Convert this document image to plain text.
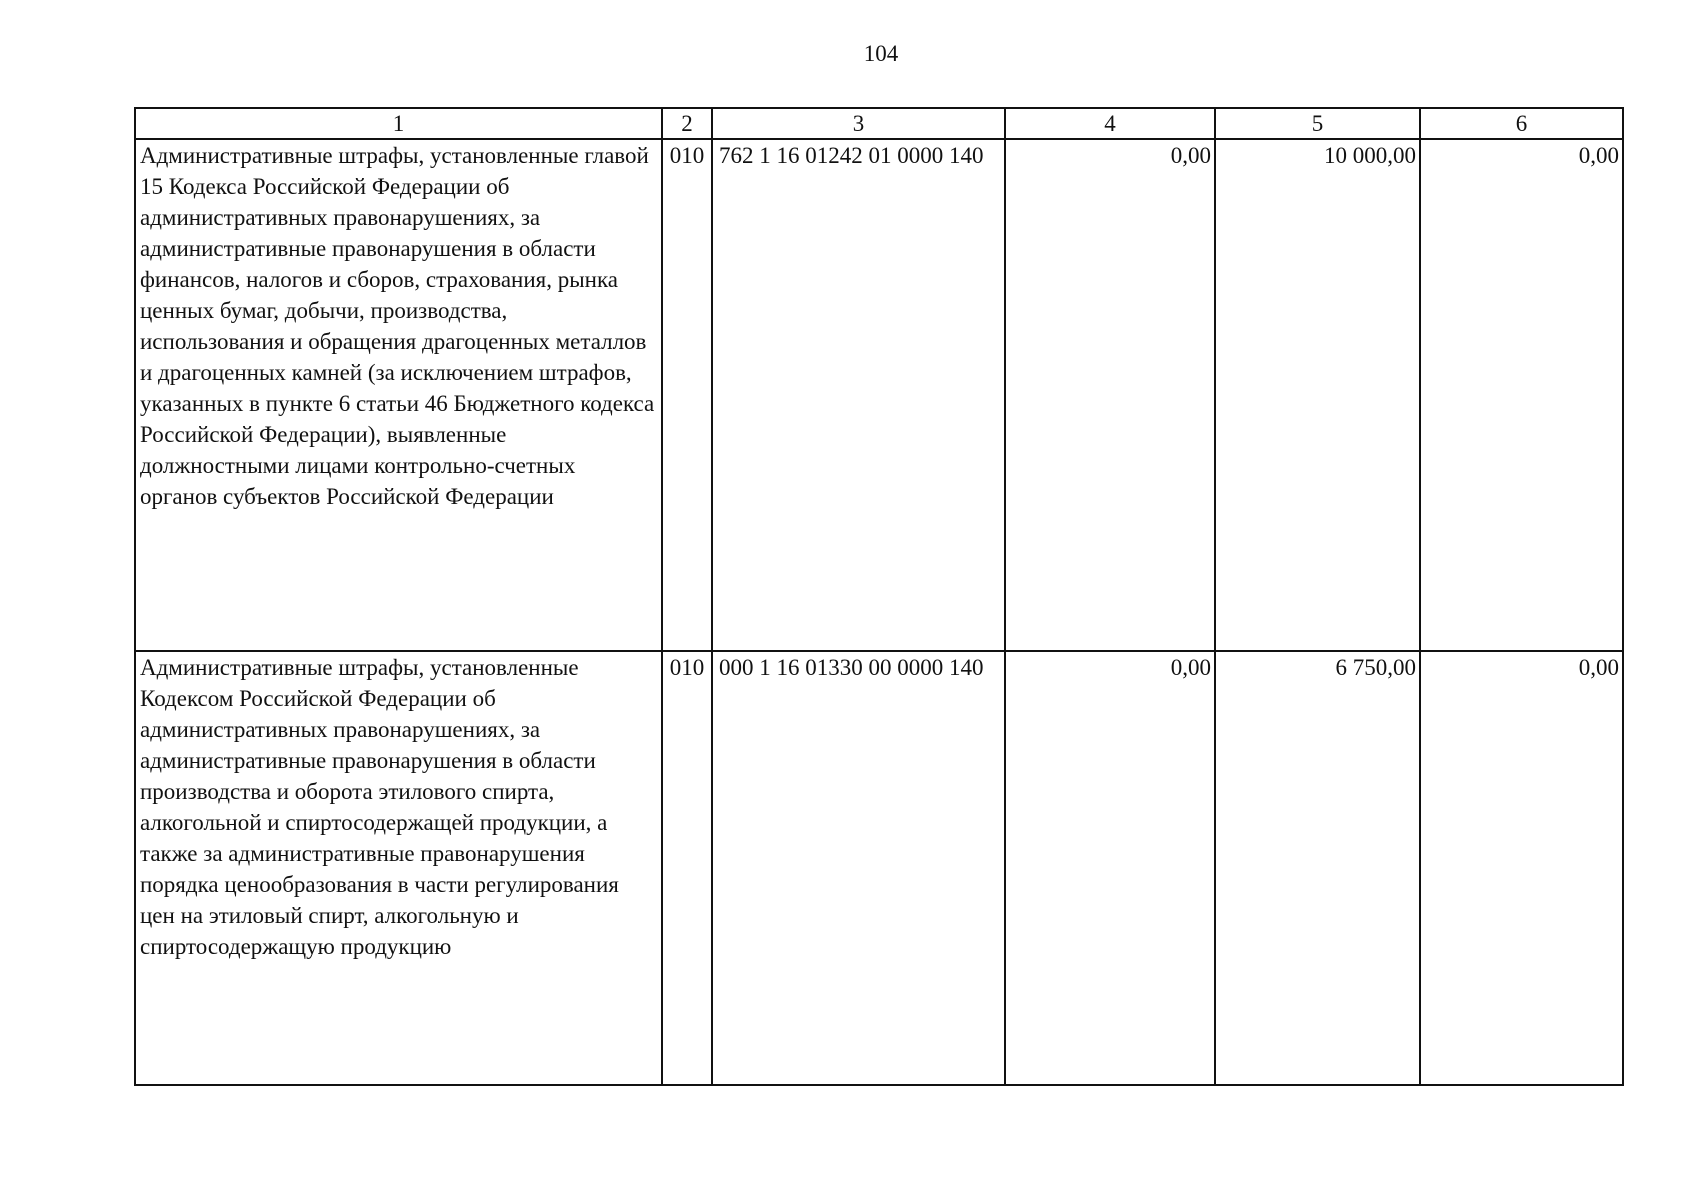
104
1	2	3	4	5	6
Административные штрафы, установленные главой 15 Кодекса Российской Федерации об административных правонарушениях, за административные правонарушения в области финансов, налогов и сборов, страхования, рынка ценных бумаг, добычи, производства, использования и обращения драгоценных металлов и драгоценных камней (за исключением штрафов, указанных в пункте 6 статьи 46 Бюджетного кодекса Российской Федерации), выявленные должностными лицами контрольно-счетных органов субъектов Российской Федерации	010	762 1 16 01242 01 0000 140	0,00	10 000,00	0,00
Административные штрафы, установленные Кодексом Российской Федерации об административных правонарушениях, за административные правонарушения в области производства и оборота этилового спирта, алкогольной и спиртосодержащей продукции, а также за административные правонарушения порядка ценообразования в части регулирования цен на этиловый спирт, алкогольную и спиртосодержащую продукцию	010	000 1 16 01330 00 0000 140	0,00	6 750,00	0,00
